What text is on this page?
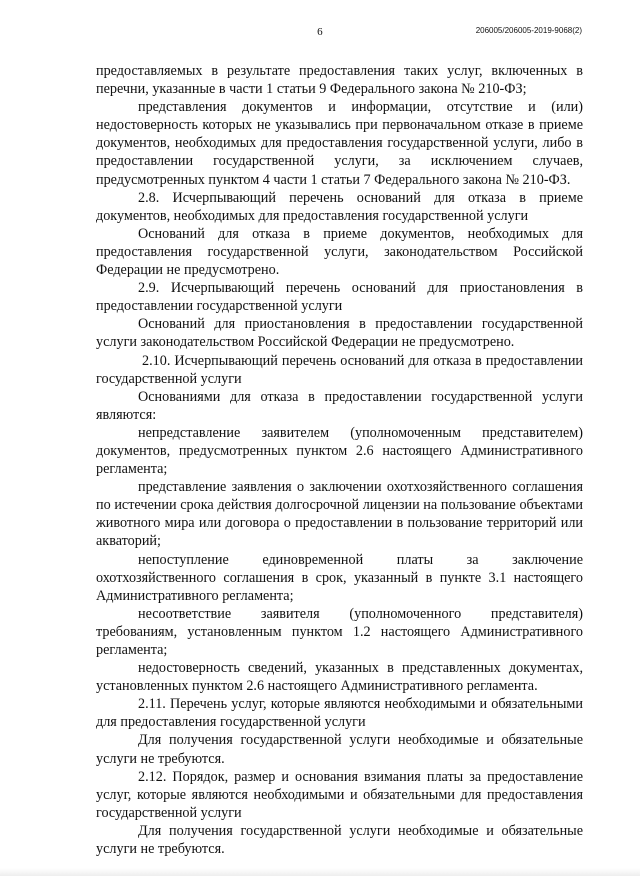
6	206005/206005-2019-9068(2)

предоставляемых в результате предоставления таких услуг, включенных в перечни, указанные в части 1 статьи 9 Федерального закона № 210-ФЗ;

представления документов и информации, отсутствие и (или) недостоверность которых не указывались при первоначальном отказе в приеме документов, необходимых для предоставления государственной услуги, либо в предоставлении государственной услуги, за исключением случаев, предусмотренных пунктом 4 части 1 статьи 7 Федерального закона № 210-ФЗ.

2.8. Исчерпывающий перечень оснований для отказа в приеме документов, необходимых для предоставления государственной услуги

Оснований для отказа в приеме документов, необходимых для предоставления государственной услуги, законодательством Российской Федерации не предусмотрено.

2.9. Исчерпывающий перечень оснований для приостановления в предоставлении государственной услуги

Оснований для приостановления в предоставлении государственной услуги законодательством Российской Федерации не предусмотрено.

2.10. Исчерпывающий перечень оснований для отказа в предоставлении государственной услуги

Основаниями для отказа в предоставлении государственной услуги являются:

непредставление заявителем (уполномоченным представителем) документов, предусмотренных пунктом 2.6 настоящего Административного регламента;

представление заявления о заключении охотхозяйственного соглашения по истечении срока действия долгосрочной лицензии на пользование объектами животного мира или договора о предоставлении в пользование территорий или акваторий;

непоступление единовременной платы за заключение охотхозяйственного соглашения в срок, указанный в пункте 3.1 настоящего Административного регламента;

несоответствие заявителя (уполномоченного представителя) требованиям, установленным пунктом 1.2 настоящего Административного регламента;

недостоверность сведений, указанных в представленных документах, установленных пунктом 2.6 настоящего Административного регламента.

2.11. Перечень услуг, которые являются необходимыми и обязательными для предоставления государственной услуги

Для получения государственной услуги необходимые и обязательные услуги не требуются.

2.12. Порядок, размер и основания взимания платы за предоставление услуг, которые являются необходимыми и обязательными для предоставления государственной услуги

Для получения государственной услуги необходимые и обязательные услуги не требуются.
